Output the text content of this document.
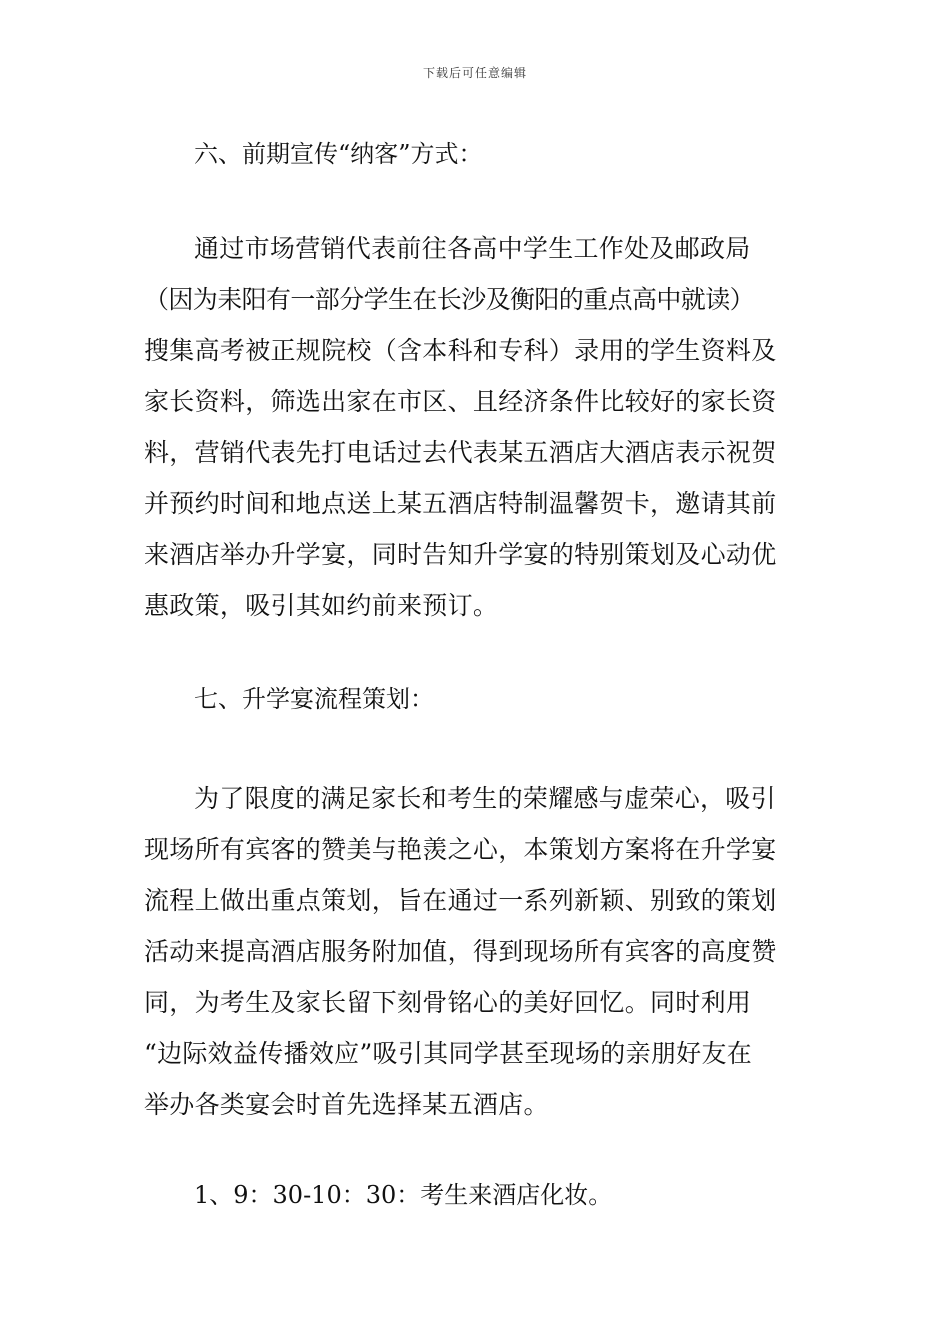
下载后可任意编辑
六、前期宣传“纳客”方式：
通过市场营销代表前往各高中学生工作处及邮政局
（因为耒阳有一部分学生在长沙及衡阳的重点高中就读）
搜集高考被正规院校（含本科和专科）录用的学生资料及
家长资料，筛选出家在市区、且经济条件比较好的家长资
料，营销代表先打电话过去代表某五酒店大酒店表示祝贺
并预约时间和地点送上某五酒店特制温馨贺卡，邀请其前
来酒店举办升学宴，同时告知升学宴的特别策划及心动优
惠政策，吸引其如约前来预订。
七、升学宴流程策划：
为了限度的满足家长和考生的荣耀感与虚荣心，吸引
现场所有宾客的赞美与艳羡之心，本策划方案将在升学宴
流程上做出重点策划，旨在通过一系列新颖、别致的策划
活动来提高酒店服务附加值，得到现场所有宾客的高度赞
同，为考生及家长留下刻骨铭心的美好回忆。同时利用
“边际效益传播效应”吸引其同学甚至现场的亲朋好友在
举办各类宴会时首先选择某五酒店。
1、9：30-10：30：考生来酒店化妆。
